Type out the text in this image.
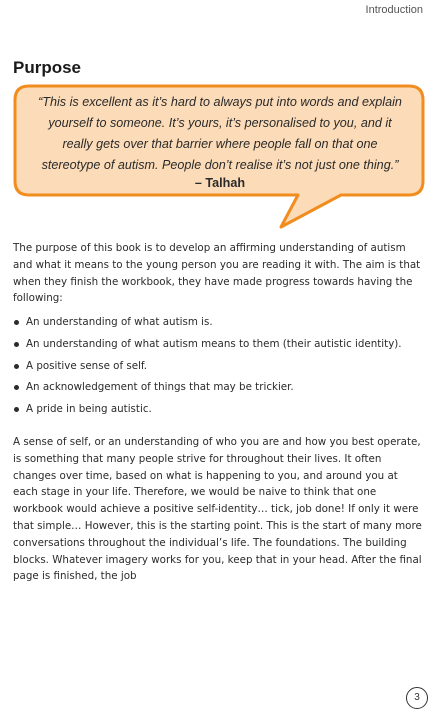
Introduction
Purpose
“This is excellent as it’s hard to always put into words and explain yourself to someone. It’s yours, it’s personalised to you, and it really gets over that barrier where people fall on that one stereotype of autism. People don’t realise it’s not just one thing.”
– Talhah

The purpose of this book is to develop an affirming understanding of autism and what it means to the young person you are reading it with. The aim is that when they finish the workbook, they have made progress towards having the following:

An understanding of what autism is.
An understanding of what autism means to them (their autistic identity).
A positive sense of self.
An acknowledgement of things that may be trickier.
A pride in being autistic.

A sense of self, or an understanding of who you are and how you best operate, is something that many people strive for throughout their lives. It often changes over time, based on what is happening to you, and around you at each stage in your life. Therefore, we would be naive to think that one workbook would achieve a positive self-identity… tick, job done! If only it were that simple… However, this is the starting point. This is the start of many more conversations throughout the individual’s life. The foundations. The building blocks. Whatever imagery works for you, keep that in your head. After the final page is finished, the job

3
